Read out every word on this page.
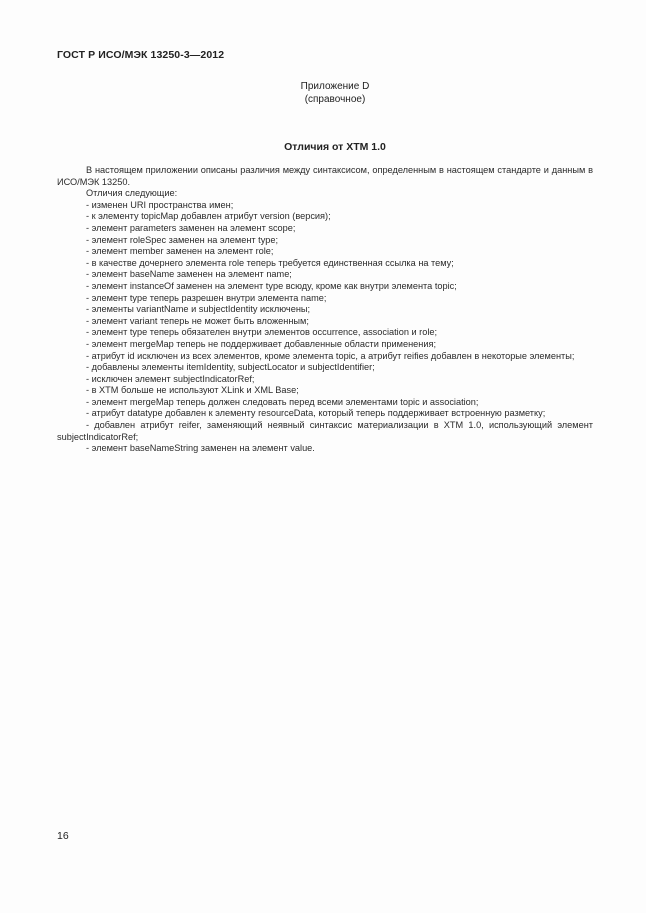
ГОСТ Р ИСО/МЭК 13250-3—2012
Приложение D
(справочное)
Отличия от XTM 1.0

В настоящем приложении описаны различия между синтаксисом, определенным в настоящем стандарте и данным в ИСО/МЭК 13250.

Отличия следующие:

- изменен URI пространства имен;
- к элементу topicMap добавлен атрибут version (версия);
- элемент parameters заменен на элемент scope;
- элемент roleSpec заменен на элемент type;
- элемент member заменен на элемент role;
- в качестве дочернего элемента role теперь требуется единственная ссылка на тему;
- элемент baseName заменен на элемент name;
- элемент instanceOf заменен на элемент type всюду, кроме как внутри элемента topic;
- элемент type теперь разрешен внутри элемента name;
- элементы variantName и subjectIdentity исключены;
- элемент variant теперь не может быть вложенным;
- элемент type теперь обязателен внутри элементов occurrence, association и role;
- элемент mergeMap теперь не поддерживает добавленные области применения;
- атрибут id исключен из всех элементов, кроме элемента topic, а атрибут reifies добавлен в некоторые элементы;
- добавлены элементы itemIdentity, subjectLocator и subjectIdentifier;
- исключен элемент subjectIndicatorRef;
- в XTM больше не используют XLink и XML Base;
- элемент mergeMap теперь должен следовать перед всеми элементами topic и association;
- атрибут datatype добавлен к элементу resourceData, который теперь поддерживает встроенную разметку;
- добавлен атрибут reifer, заменяющий неявный синтаксис материализации в XTM 1.0, использующий элемент subjectIndicatorRef;
- элемент baseNameString заменен на элемент value.
16
